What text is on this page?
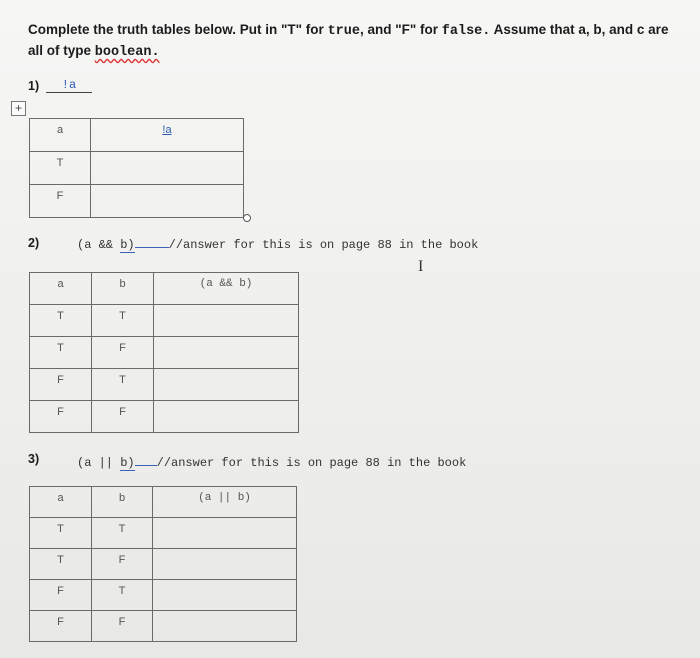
Complete the truth tables below. Put in "T" for true, and "F" for false. Assume that a, b, and c are all of type boolean.
1)	!a
+
a	!a

T	

F	

2)	(a && b)	//answer for this is on page 88 in the book
I
a	b	(a && b)

T	T	

T	F	

F	T	

F	F	

3)	(a || b) //answer for this is on page 88 in the book
a	b	(a || b)

T	T	

T	F	

F	T	

F	F	
